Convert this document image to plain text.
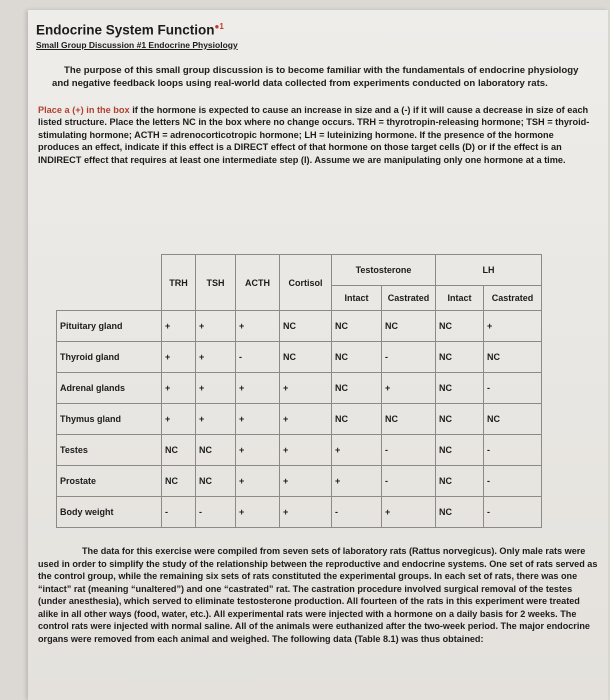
Endocrine System Function$^{●1}$
Small Group Discussion #1 Endocrine Physiology
The purpose of this small group discussion is to become familiar with the fundamentals of endocrine physiology and negative feedback loops using real-world data collected from experiments conducted on laboratory rats.
Place a (+) in the box if the hormone is expected to cause an increase in size and a (-) if it will cause a decrease in size of each listed structure. Place the letters NC in the box where no change occurs. TRH = thyrotropin-releasing hormone; TSH = thyroid-stimulating hormone; ACTH = adrenocorticotropic hormone; LH = luteinizing hormone. If the presence of the hormone produces an effect, indicate if this effect is a DIRECT effect of that hormone on those target cells (D) or if the effect is an INDIRECT effect that requires at least one intermediate step (I). Assume we are manipulating only one hormone at a time.
	TRH	TSH	ACTH	Cortisol	Testosterone		LH	
					Intact	Castrated	Intact	Castrated
Pituitary gland	+	+	+	NC	NC	NC	NC	+
Thyroid gland	+	+	-	NC	NC	-	NC	NC
Adrenal glands	+	+	+	+	NC	+	NC	-
Thymus gland	+	+	+	+	NC	NC	NC	NC
Testes	NC	NC	+	+	+	-	NC	-
Prostate	NC	NC	+	+	+	-	NC	-
Body weight	-	-	+	+	-	+	NC	-

The data for this exercise were compiled from seven sets of laboratory rats (Rattus norvegicus). Only male rats were used in order to simplify the study of the relationship between the reproductive and endocrine systems. One set of rats served as the control group, while the remaining six sets of rats constituted the experimental groups. In each set of rats, there was one “intact” rat (meaning “unaltered”) and one “castrated” rat. The castration procedure involved surgical removal of the testes (under anesthesia), which served to eliminate testosterone production. All fourteen of the rats in this experiment were treated alike in all other ways (food, water, etc.). All experimental rats were injected with a hormone on a daily basis for 2 weeks. The control rats were injected with normal saline. All of the animals were euthanized after the two-week period. The major endocrine organs were removed from each animal and weighed. The following data (Table 8.1) was thus obtained:
